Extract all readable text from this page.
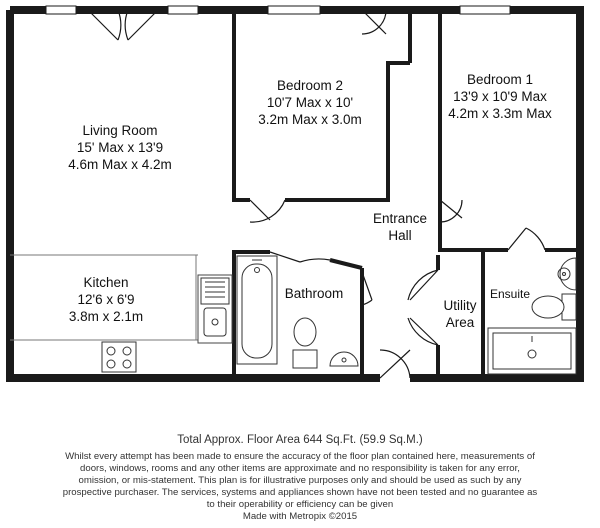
Living Room
15' Max x 13'9
4.6m Max x 4.2m
Bedroom 2
10'7 Max x 10'
3.2m Max x 3.0m
Bedroom 1
13'9 x 10'9 Max
4.2m x 3.3m Max
Kitchen
12'6 x 6'9
3.8m x 2.1m
Bathroom
Entrance
Hall
Utility
Area
Ensuite
Total Approx. Floor Area 644 Sq.Ft. (59.9 Sq.M.)
Whilst every attempt has been made to ensure the accuracy of the floor plan contained here, measurements of doors, windows, rooms and any other items are approximate and no responsibility is taken for any error, omission, or mis-statement. This plan is for illustrative purposes only and should be used as such by any prospective purchaser. The services, systems and appliances shown have not been tested and no guarantee as to their operability or efficiency can be given
Made with Metropix ©2015
